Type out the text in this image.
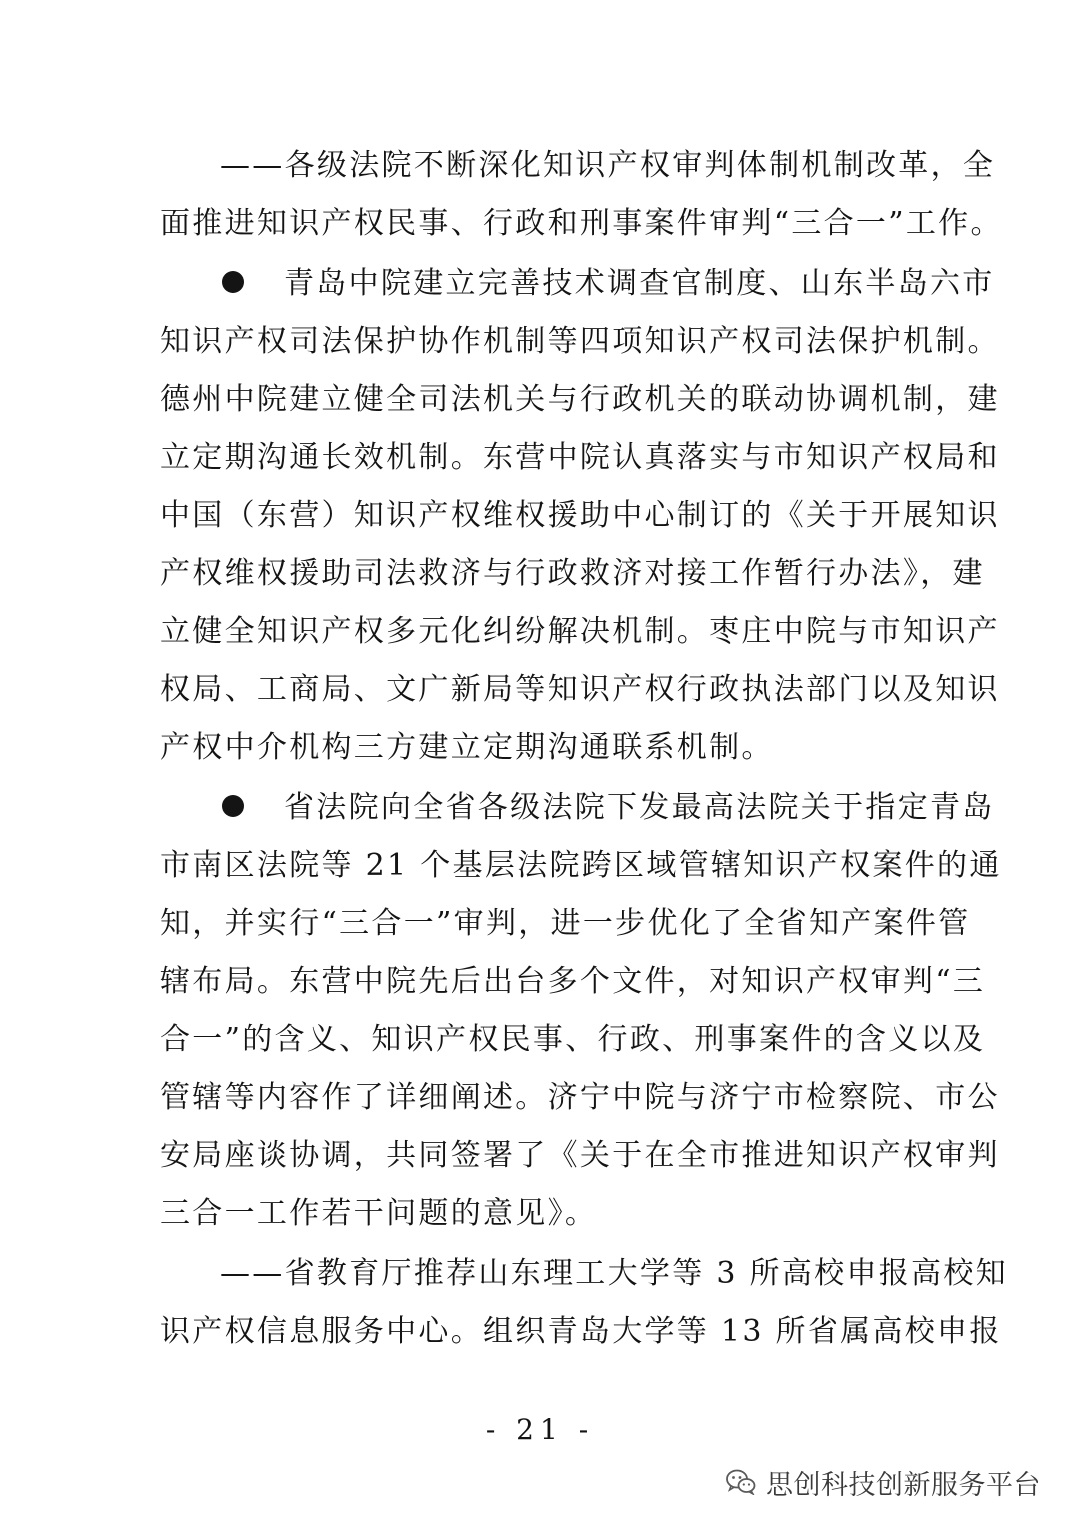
——各级法院不断深化知识产权审判体制机制改革，全
面推进知识产权民事、行政和刑事案件审判“三合一”工作。
青岛中院建立完善技术调查官制度、山东半岛六市
知识产权司法保护协作机制等四项知识产权司法保护机制。
德州中院建立健全司法机关与行政机关的联动协调机制，建
立定期沟通长效机制。东营中院认真落实与市知识产权局和
中国（东营）知识产权维权援助中心制订的《关于开展知识
产权维权援助司法救济与行政救济对接工作暂行办法》，建
立健全知识产权多元化纠纷解决机制。枣庄中院与市知识产
权局、工商局、文广新局等知识产权行政执法部门以及知识
产权中介机构三方建立定期沟通联系机制。
省法院向全省各级法院下发最高法院关于指定青岛
市南区法院等 21 个基层法院跨区域管辖知识产权案件的通
知，并实行“三合一”审判，进一步优化了全省知产案件管
辖布局。东营中院先后出台多个文件，对知识产权审判“三
合一”的含义、知识产权民事、行政、刑事案件的含义以及
管辖等内容作了详细阐述。济宁中院与济宁市检察院、市公
安局座谈协调，共同签署了《关于在全市推进知识产权审判
三合一工作若干问题的意见》。
——省教育厅推荐山东理工大学等 3 所高校申报高校知
识产权信息服务中心。组织青岛大学等 13 所省属高校申报
- 21 -
思创科技创新服务平台
